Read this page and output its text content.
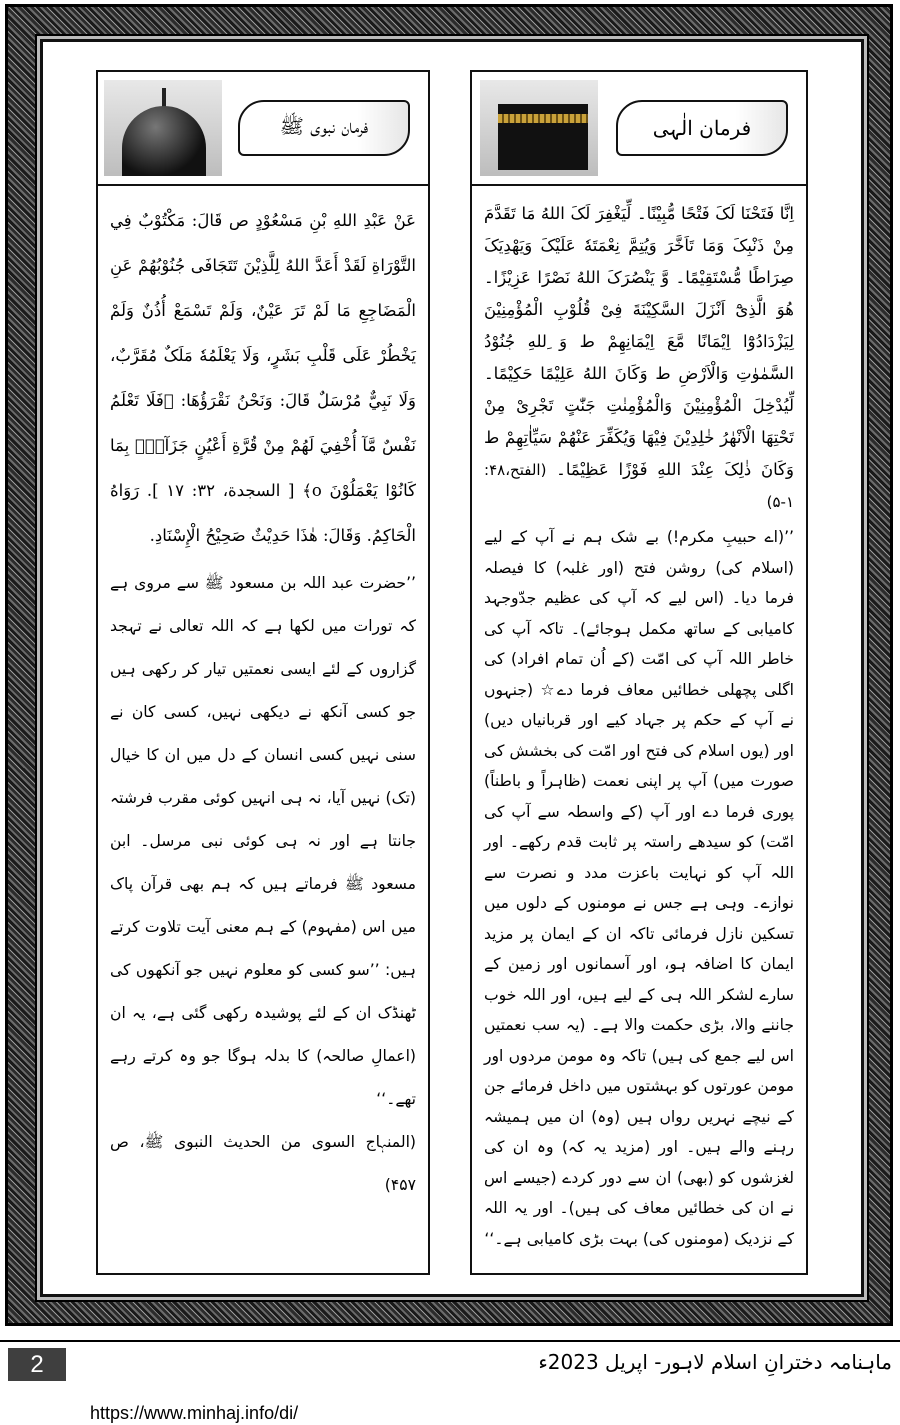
فرمان الٰہی

اِنَّا فَتَحْنَا لَکَ فَتْحًا مُّبِیْنًا۔ لِّیَغْفِرَ لَکَ اللهُ مَا تَقَدَّمَ مِنْ ذَنْبِکَ وَمَا تَاَخَّرَ وَیُتِمَّ نِعْمَتَهٗ عَلَیْکَ وَیَهْدِیَکَ صِرَاطًا مُّسْتَقِیْمًا۔ وَّ یَنْصُرَکَ اللهُ نَصْرًا عَزِیْزًا۔ هُوَ الَّذِیْٓ اَنْزَلَ السَّکِیْنَةَ فِیْ قُلُوْبِ الْمُؤْمِنِیْنَ لِیَزْدَادُوْٓا اِیْمَانًا مَّعَ اِیْمَانِهِمْ ط وَ ِللهِ جُنُوْدُ السَّمٰوٰتِ وَالْاَرْضِ ط وَکَانَ اللهُ عَلِیْمًا حَکِیْمًا۔ لِّیُدْخِلَ الْمُؤْمِنِیْنَ وَالْمُؤْمِنٰتِ جَنّٰتٍ تَجْرِیْ مِنْ تَحْتِهَا الْاَنْهٰرُ خٰلِدِیْنَ فِیْهَا وَیُکَفِّرَ عَنْهُمْ سَیِّاٰتِهِمْ ط وَکَانَ ذٰلِکَ عِنْدَ اللهِ فَوْزًا عَظِیْمًا۔ (الفتح،۴۸: ۱-۵)

’’(اے حبیبِ مکرم!) بے شک ہم نے آپ کے لیے (اسلام کی) روشن فتح (اور غلبہ) کا فیصلہ فرما دیا۔ (اس لیے کہ آپ کی عظیم جدّوجہد کامیابی کے ساتھ مکمل ہوجائے)۔ تاکہ آپ کی خاطر اللہ آپ کی امّت (کے اُن تمام افراد) کی اگلی پچھلی خطائیں معاف فرما دے☆ (جنہوں نے آپ کے حکم پر جہاد کیے اور قربانیاں دیں) اور (یوں اسلام کی فتح اور امّت کی بخشش کی صورت میں) آپ پر اپنی نعمت (ظاہراً و باطناً) پوری فرما دے اور آپ (کے واسطہ سے آپ کی امّت) کو سیدھے راستہ پر ثابت قدم رکھے۔ اور اللہ آپ کو نہایت باعزت مدد و نصرت سے نوازے۔ وہی ہے جس نے مومنوں کے دلوں میں تسکین نازل فرمائی تاکہ ان کے ایمان پر مزید ایمان کا اضافہ ہو، اور آسمانوں اور زمین کے سارے لشکر اللہ ہی کے لیے ہیں، اور اللہ خوب جاننے والا، بڑی حکمت والا ہے۔ (یہ سب نعمتیں اس لیے جمع کی ہیں) تاکہ وہ مومن مردوں اور مومن عورتوں کو بہشتوں میں داخل فرمائے جن کے نیچے نہریں رواں ہیں (وہ) ان میں ہمیشہ رہنے والے ہیں۔ اور (مزید یہ کہ) وہ ان کی لغزشوں کو (بھی) ان سے دور کردے (جیسے اس نے ان کی خطائیں معاف کی ہیں)۔ اور یہ اللہ کے نزدیک (مومنوں کی) بہت بڑی کامیابی ہے۔‘‘

فرمان نبوی ﷺ

عَنْ عَبْدِ اللهِ بْنِ مَسْعُوْدٍ ص قَالَ: مَکْتُوْبٌ فِي التَّوْرَاةِ لَقَدْ أَعَدَّ اللهُ لِلَّذِیْنَ تَتَجَافَی جُنُوْبُهُمْ عَنِ الْمَضَاجِعِ مَا لَمْ تَرَ عَیْنٌ، وَلَمْ تَسْمَعْ أُذُنٌ وَلَمْ یَخْطُرْ عَلَی قَلْبِ بَشَرٍ، وَلَا یَعْلَمُهٗ مَلَکٌ مُقَرَّبٌ، وَلَا نَبِيٌّ مُرْسَلٌ قَالَ: وَنَحْنُ نَقْرَؤُهَا: ﴿فَلَا تَعْلَمُ نَفْسٌ مَّآ أُخْفِيَ لَهُمْ مِنْ قُرَّةِ أَعْیُنٍ جَزَآءًۢ بِمَا کَانُوْا یَعْمَلُوْنَ o﴾ [ السجدة، ۳۲: ۱۷ ]. رَوَاهُ الْحَاکِمُ. وَقَالَ: هٰذَا حَدِیْثٌ صَحِیْحُ الْإِسْنَادِ.

’’حضرت عبد اللہ بن مسعود ﷺ سے مروی ہے کہ تورات میں لکھا ہے کہ اللہ تعالی نے تہجد گزاروں کے لئے ایسی نعمتیں تیار کر رکھی ہیں جو کسی آنکھ نے دیکھی نہیں، کسی کان نے سنی نہیں کسی انسان کے دل میں ان کا خیال (تک) نہیں آیا، نہ ہی انہیں کوئی مقرب فرشتہ جانتا ہے اور نہ ہی کوئی نبی مرسل۔ ابن مسعود ﷺ فرماتے ہیں کہ ہم بھی قرآن پاک میں اس (مفہوم) کے ہم معنی آیت تلاوت کرتے ہیں: ’’سو کسی کو معلوم نہیں جو آنکھوں کی ٹھنڈک ان کے لئے پوشیدہ رکھی گئی ہے، یہ ان (اعمالِ صالحہ) کا بدلہ ہوگا جو وہ کرتے رہے تھے۔‘‘

(المنہاج السوی من الحدیث النبوی ﷺ، ص ۴۵۷)

2	ماہنامہ دخترانِ اسلام لاہور- اپریل 2023ء
https://www.minhaj.info/di/
